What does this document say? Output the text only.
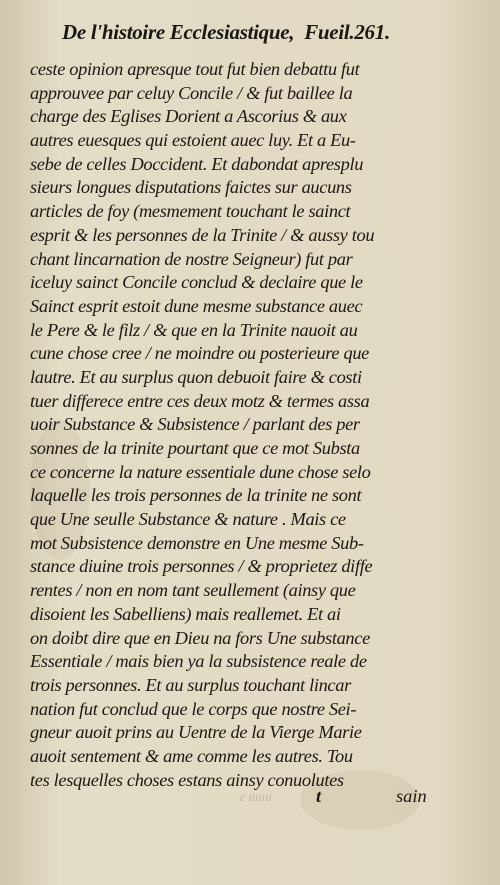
De l'histoire Ecclesiastique, Fueil.261.
ceste opinion apresque tout fut bien debattu fut
approuvee par celuy Concile / & fut baillee la
charge des Eglises Dorient a Ascorius & aux
autres euesques qui estoient auec luy. Et a Eu-
sebe de celles Doccident. Et dabondat apresplu
sieurs longues disputations faictes sur aucuns
articles de foy (mesmement touchant le sainct
esprit & les personnes de la Trinite / & aussy tou
chant lincarnation de nostre Seigneur) fut par
iceluy sainct Concile conclud & declaire que le
Sainct esprit estoit dune mesme substance auec
le Pere & le filz / & que en la Trinite nauoit au
cune chose cree / ne moindre ou posterieure que
lautre. Et au surplus quon debuoit faire & costi
tuer differece entre ces deux motz & termes assa
uoir Substance & Subsistence / parlant des per
sonnes de la trinite pourtant que ce mot Substa
ce concerne la nature essentiale dune chose selo
laquelle les trois personnes de la trinite ne sont
que Une seulle Substance & nature . Mais ce
mot Subsistence demonstre en Une mesme Sub-
stance diuine trois personnes / & proprietez diffe
rentes / non en nom tant seullement (ainsy que
disoient les Sabelliens) mais reallemet. Et ai
on doibt dire que en Dieu na fors Une substance
Essentiale / mais bien ya la subsistence reale de
trois personnes. Et au surplus touchant lincar
nation fut conclud que le corps que nostre Sei-
gneur auoit prins au Uentre de la Vierge Marie
auoit sentement & ame comme les autres. Tou
tes lesquelles choses estans ainsy conuolutes
c iiiiiii	t	sain
